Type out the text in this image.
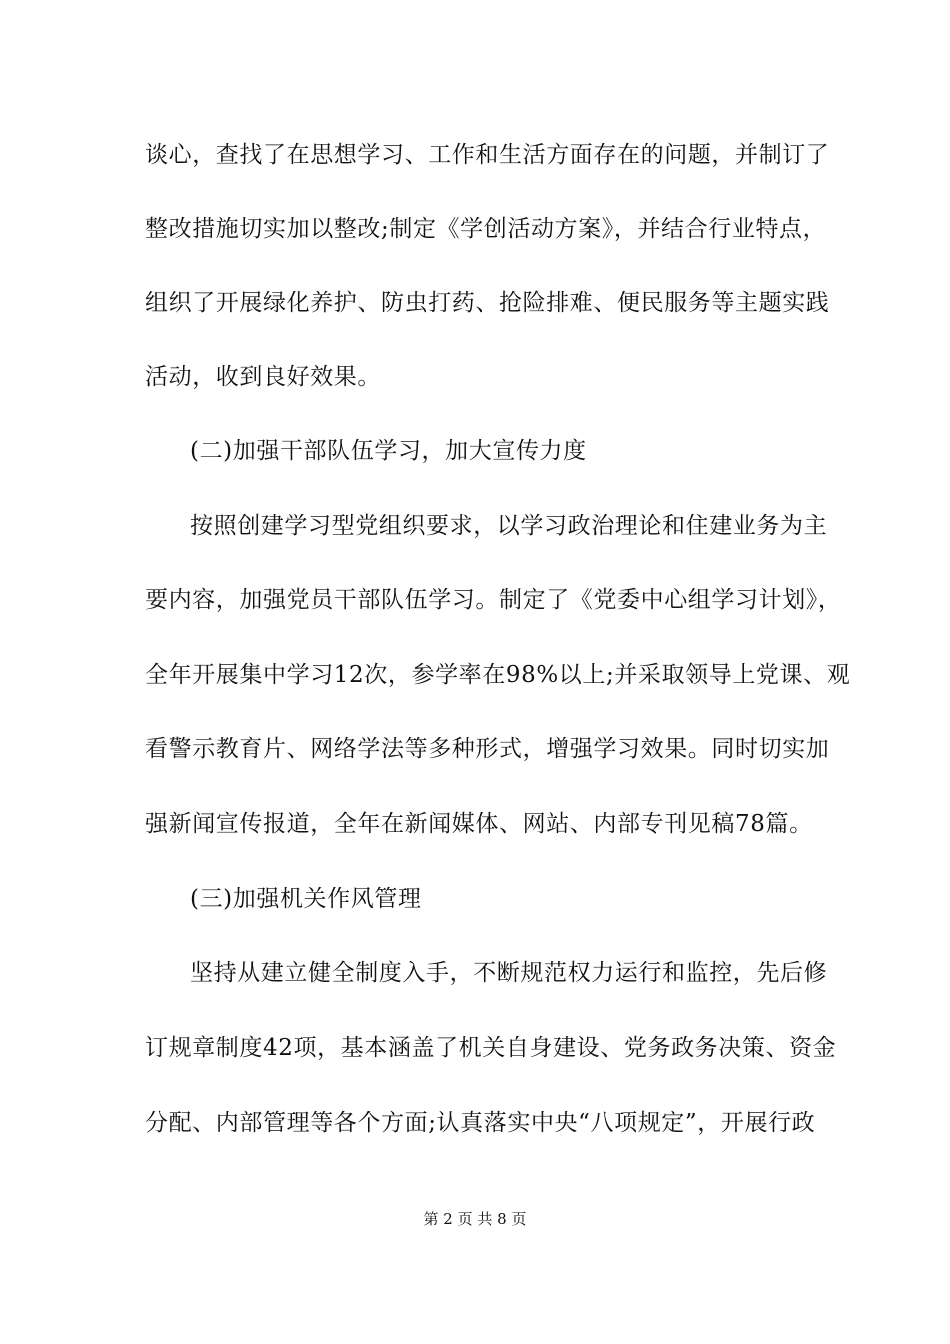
谈心，查找了在思想学习、工作和生活方面存在的问题，并制订了
整改措施切实加以整改;制定《学创活动方案》，并结合行业特点，
组织了开展绿化养护、防虫打药、抢险排难、便民服务等主题实践
活动，收到良好效果。
(二)加强干部队伍学习，加大宣传力度
按照创建学习型党组织要求，以学习政治理论和住建业务为主
要内容，加强党员干部队伍学习。制定了《党委中心组学习计划》，
全年开展集中学习12次，参学率在98%以上;并采取领导上党课、观
看警示教育片、网络学法等多种形式，增强学习效果。同时切实加
强新闻宣传报道，全年在新闻媒体、网站、内部专刊见稿78篇。
(三)加强机关作风管理
坚持从建立健全制度入手，不断规范权力运行和监控，先后修
订规章制度42项，基本涵盖了机关自身建设、党务政务决策、资金
分配、内部管理等各个方面;认真落实中央“八项规定”，开展行政
第 2 页 共 8 页
